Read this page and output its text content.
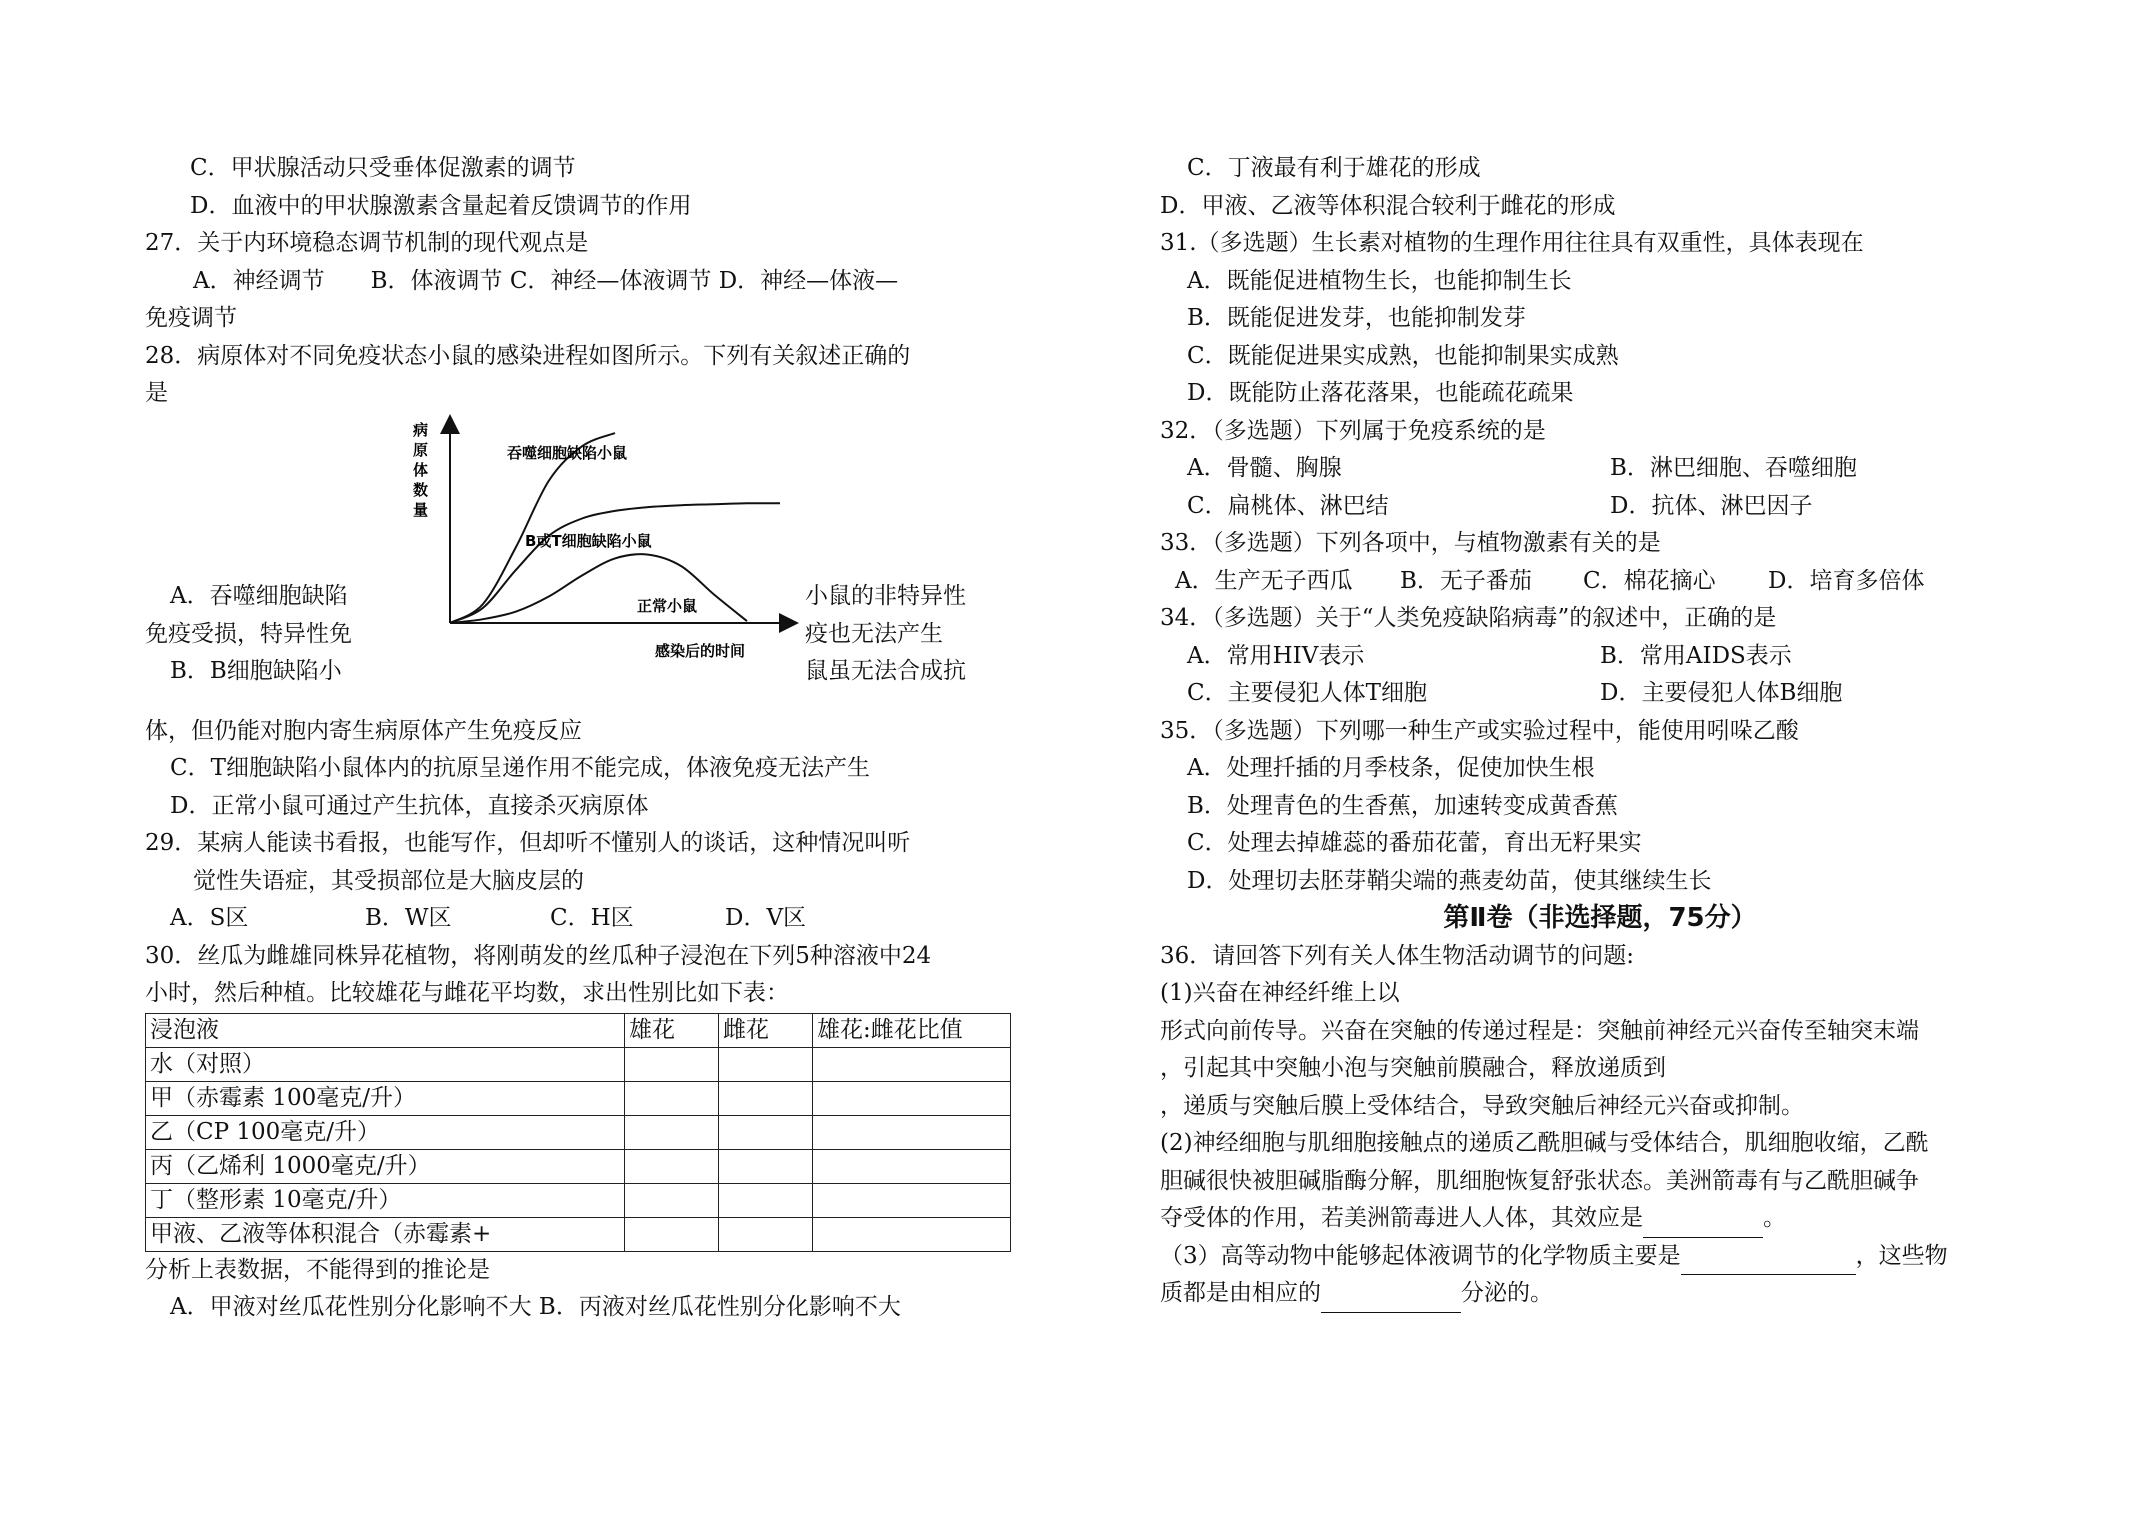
C．甲状腺活动只受垂体促激素的调节
D．血液中的甲状腺激素含量起着反馈调节的作用
27．关于内环境稳态调节机制的现代观点是
A．神经调节　　B．体液调节 C．神经—体液调节 D．神经—体液—
免疫调节
28．病原体对不同免疫状态小鼠的感染进程如图所示。下列有关叙述正确的
是
病
原
体
数
量
吞噬细胞缺陷小鼠
B或T细胞缺陷小鼠
正常小鼠
感染后的时间
A．吞噬细胞缺陷	小鼠的非特异性
免疫受损，特异性免	疫也无法产生
B．B细胞缺陷小	鼠虽无法合成抗
体，但仍能对胞内寄生病原体产生免疫反应
C．T细胞缺陷小鼠体内的抗原呈递作用不能完成，体液免疫无法产生
D．正常小鼠可通过产生抗体，直接杀灭病原体
29．某病人能读书看报，也能写作，但却听不懂别人的谈话，这种情况叫听
觉性失语症，其受损部位是大脑皮层的
A．S区	B．W区	C．H区	D．V区
30．丝瓜为雌雄同株异花植物，将刚萌发的丝瓜种子浸泡在下列5种溶液中24
小时，然后种植。比较雄花与雌花平均数，求出性别比如下表：
浸泡液	雄花	雌花	雄花:雌花比值
水（对照）			
甲（赤霉素 100毫克/升）			
乙（CP 100毫克/升）			
丙（乙烯利 1000毫克/升）			
丁（整形素 10毫克/升）			
甲液、乙液等体积混合（赤霉素+			
分析上表数据，不能得到的推论是
A．甲液对丝瓜花性别分化影响不大 B．丙液对丝瓜花性别分化影响不大
C．丁液最有利于雄花的形成
D．甲液、乙液等体积混合较利于雌花的形成
31.（多选题）生长素对植物的生理作用往往具有双重性，具体表现在
A．既能促进植物生长，也能抑制生长
B．既能促进发芽，也能抑制发芽
C．既能促进果实成熟，也能抑制果实成熟
D．既能防止落花落果，也能疏花疏果
32．（多选题）下列属于免疫系统的是
A．骨髓、胸腺	B．淋巴细胞、吞噬细胞
C．扁桃体、淋巴结	D．抗体、淋巴因子
33．（多选题）下列各项中，与植物激素有关的是
A．生产无子西瓜	B．无子番茄	C．棉花摘心	D．培育多倍体
34．（多选题）关于“人类免疫缺陷病毒”的叙述中，正确的是
A．常用HIV表示	B．常用AIDS表示
C．主要侵犯人体T细胞	D．主要侵犯人体B细胞
35．（多选题）下列哪一种生产或实验过程中，能使用吲哚乙酸
A．处理扦插的月季枝条，促使加快生根
B．处理青色的生香蕉，加速转变成黄香蕉
C．处理去掉雄蕊的番茄花蕾，育出无籽果实
D．处理切去胚芽鞘尖端的燕麦幼苗，使其继续生长
第Ⅱ卷（非选择题，75分）
36．请回答下列有关人体生物活动调节的问题:
(1)兴奋在神经纤维上以
形式向前传导。兴奋在突触的传递过程是：突触前神经元兴奋传至轴突末端
，引起其中突触小泡与突触前膜融合，释放递质到
，递质与突触后膜上受体结合，导致突触后神经元兴奋或抑制。
(2)神经细胞与肌细胞接触点的递质乙酰胆碱与受体结合，肌细胞收缩，乙酰
胆碱很快被胆碱脂酶分解，肌细胞恢复舒张状态。美洲箭毒有与乙酰胆碱争
夺受体的作用，若美洲箭毒进人人体，其效应是	。
（3）高等动物中能够起体液调节的化学物质主要是	，这些物
质都是由相应的	分泌的。
